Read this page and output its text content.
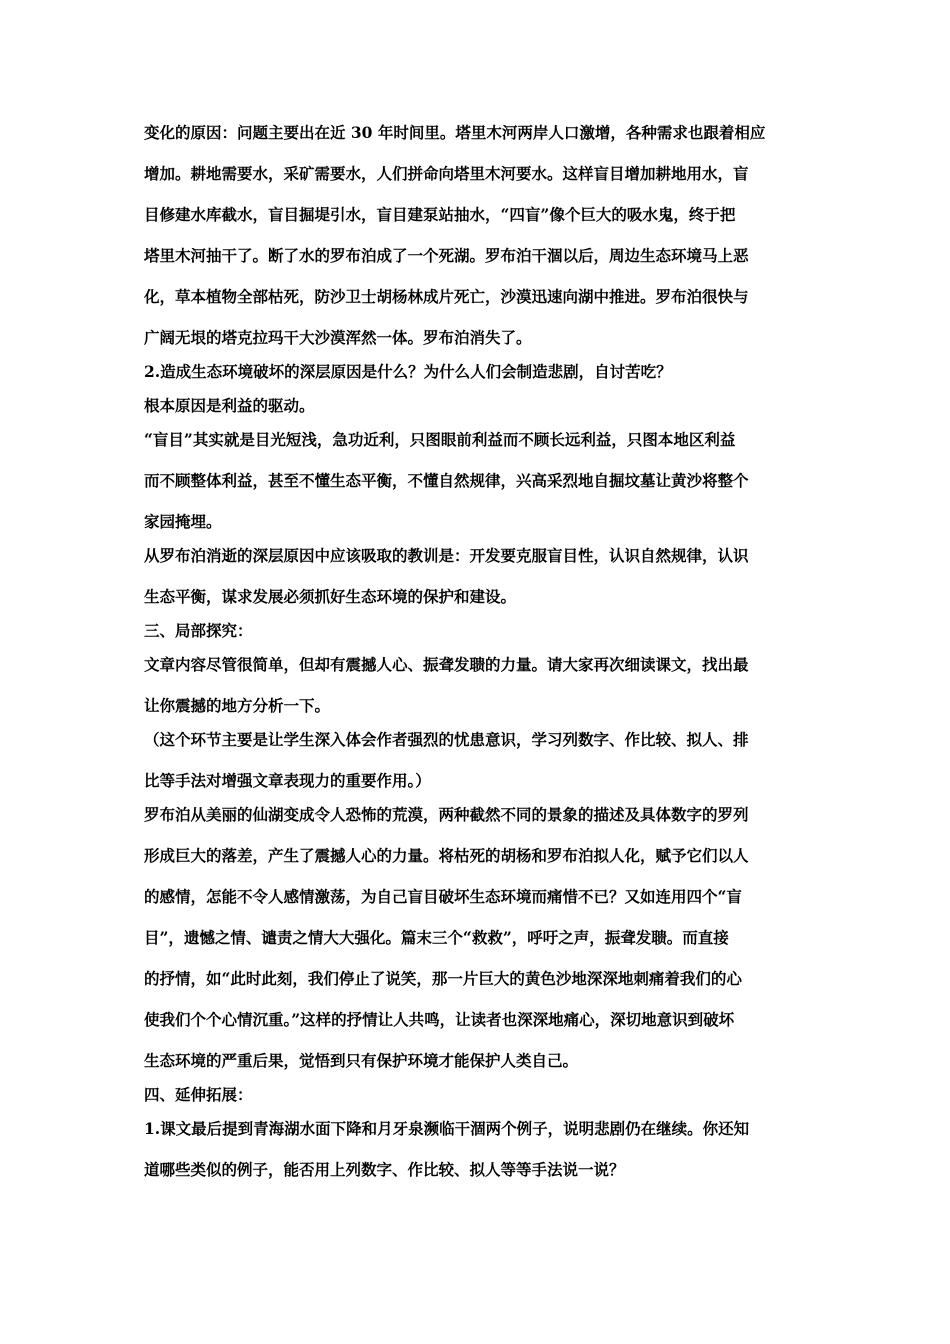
变化的原因：问题主要出在近 30 年时间里。塔里木河两岸人口激增，各种需求也跟着相应
增加。耕地需要水，采矿需要水，人们拼命向塔里木河要水。这样盲目增加耕地用水，盲
目修建水库截水，盲目掘堤引水，盲目建泵站抽水，“四盲”像个巨大的吸水鬼，终于把
塔里木河抽干了。断了水的罗布泊成了一个死湖。罗布泊干涸以后，周边生态环境马上恶
化，草本植物全部枯死，防沙卫士胡杨林成片死亡，沙漠迅速向湖中推进。罗布泊很快与
广阔无垠的塔克拉玛干大沙漠浑然一体。罗布泊消失了。
2.造成生态环境破坏的深层原因是什么？为什么人们会制造悲剧，自讨苦吃？
根本原因是利益的驱动。
“盲目”其实就是目光短浅，急功近利，只图眼前利益而不顾长远利益，只图本地区利益
而不顾整体利益，甚至不懂生态平衡，不懂自然规律，兴高采烈地自掘坟墓让黄沙将整个
家园掩埋。
从罗布泊消逝的深层原因中应该吸取的教训是：开发要克服盲目性，认识自然规律，认识
生态平衡，谋求发展必须抓好生态环境的保护和建设。
三、局部探究：
文章内容尽管很简单，但却有震撼人心、振聋发聩的力量。请大家再次细读课文，找出最
让你震撼的地方分析一下。
（这个环节主要是让学生深入体会作者强烈的忧患意识，学习列数字、作比较、拟人、排
比等手法对增强文章表现力的重要作用。）
罗布泊从美丽的仙湖变成令人恐怖的荒漠，两种截然不同的景象的描述及具体数字的罗列
形成巨大的落差，产生了震撼人心的力量。将枯死的胡杨和罗布泊拟人化，赋予它们以人
的感情，怎能不令人感情激荡，为自己盲目破坏生态环境而痛惜不已？又如连用四个“盲
目”，遗憾之情、谴责之情大大强化。篇末三个“救救”，呼吁之声，振聋发聩。而直接
的抒情，如“此时此刻，我们停止了说笑，那一片巨大的黄色沙地深深地刺痛着我们的心
使我们个个心情沉重。”这样的抒情让人共鸣，让读者也深深地痛心，深切地意识到破坏
生态环境的严重后果，觉悟到只有保护环境才能保护人类自己。
四、延伸拓展：
1.课文最后提到青海湖水面下降和月牙泉濒临干涸两个例子，说明悲剧仍在继续。你还知
道哪些类似的例子，能否用上列数字、作比较、拟人等等手法说一说？
